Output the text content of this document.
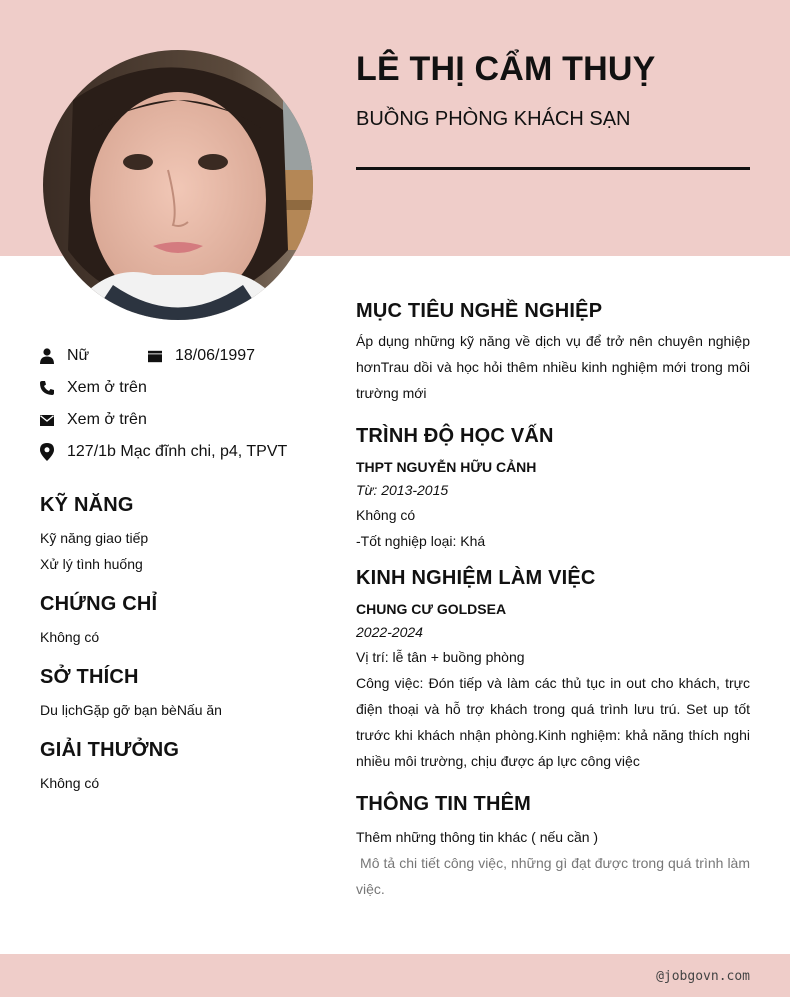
LÊ THỊ CẨM THUỴ
BUỒNG PHÒNG KHÁCH SẠN
Nữ	18/06/1997
Xem ở trên
Xem ở trên
127/1b Mạc đĩnh chi, p4, TPVT
KỸ NĂNG
Kỹ năng giao tiếp
Xử lý tình huống
CHỨNG CHỈ
Không có
SỞ THÍCH
Du lịchGặp gỡ bạn bèNấu ăn
GIẢI THƯỞNG
Không có
MỤC TIÊU NGHỀ NGHIỆP
Áp dụng những kỹ năng về dịch vụ để trở nên chuyên nghiệp hơnTrau dồi và học hỏi thêm nhiều kinh nghiệm mới trong môi trường mới
TRÌNH ĐỘ HỌC VẤN
THPT NGUYỄN HỮU CẢNH
Từ: 2013-2015
Không có
-Tốt nghiệp loại: Khá
KINH NGHIỆM LÀM VIỆC
CHUNG CƯ GOLDSEA
2022-2024
Vị trí: lễ tân + buồng phòng
Công việc: Đón tiếp và làm các thủ tục in out cho khách, trực điện thoại và hỗ trợ khách trong quá trình lưu trú. Set up tốt trước khi khách nhận phòng.Kinh nghiệm: khả năng thích nghi nhiều môi trường, chịu được áp lực công việc
THÔNG TIN THÊM
Thêm những thông tin khác ( nếu cần )
Mô tả chi tiết công việc, những gì đạt được trong quá trình làm việc.
@jobgovn.com
